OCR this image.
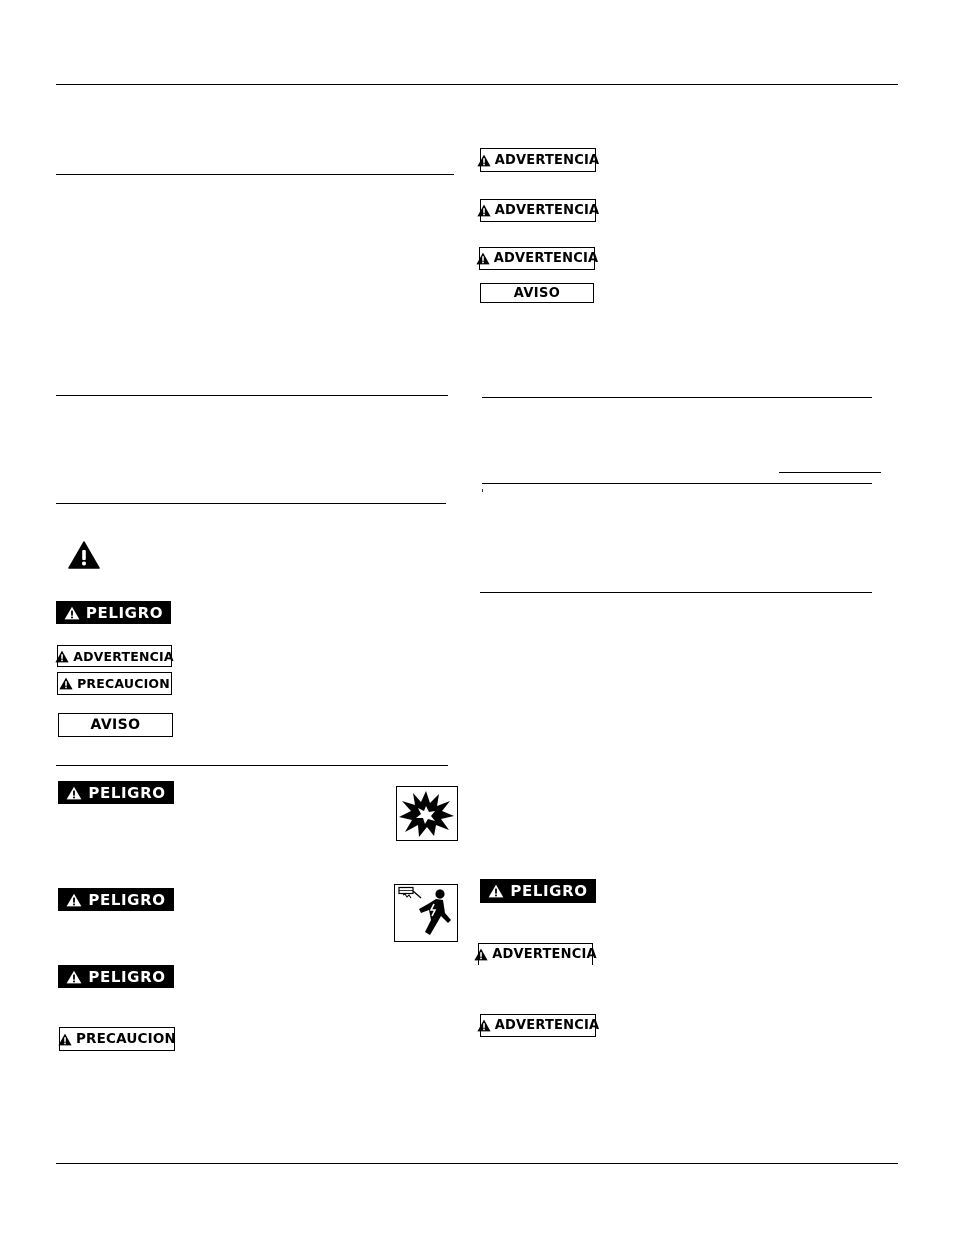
PELIGRO
ADVERTENCIA
PRECAUCION
AVISO
PELIGRO
PELIGRO
PELIGRO
PRECAUCION
ADVERTENCIA
ADVERTENCIA
ADVERTENCIA
AVISO
PELIGRO
ADVERTENCIA
ADVERTENCIA
